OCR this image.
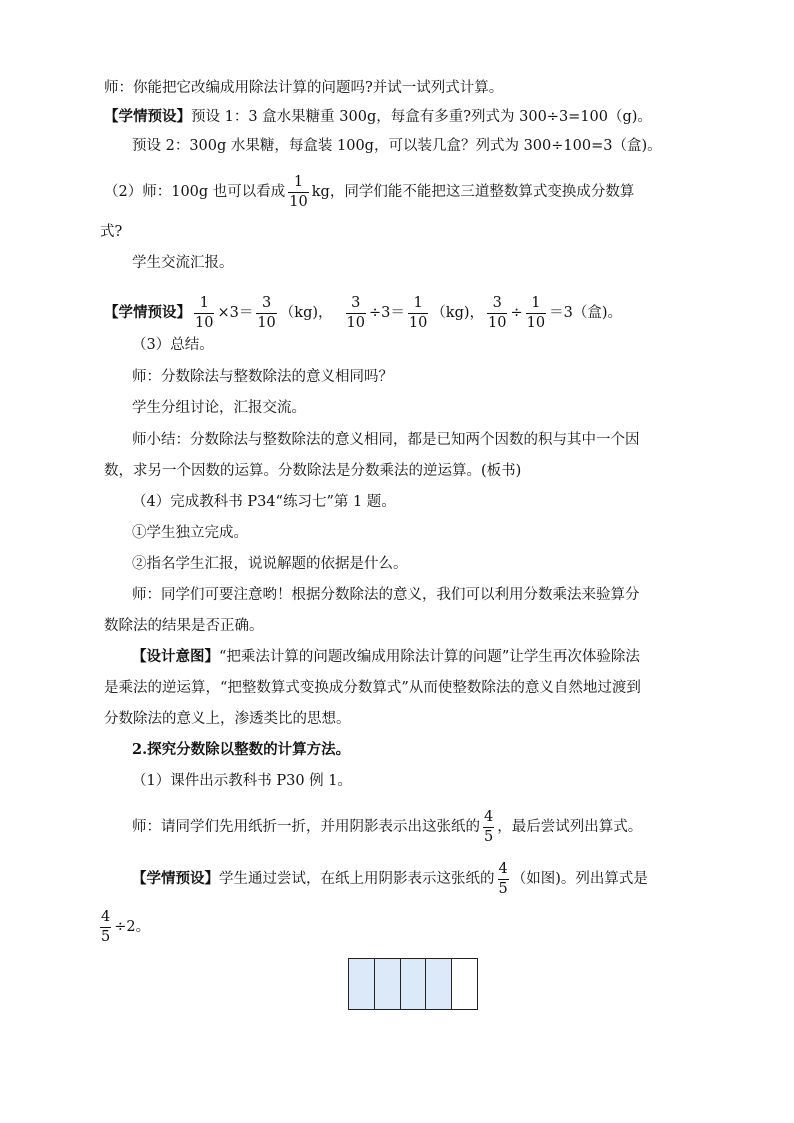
师：你能把它改编成用除法计算的问题吗?并试一试列式计算。
【学情预设】预设 1：3 盒水果糖重 300g，每盒有多重?列式为 300÷3=100（g)。
预设 2：300g 水果糖，每盒装 100g，可以装几盒？列式为 300÷100=3（盒)。
（2）师：100g 也可以看成 $\frac{1}{10}$ kg，同学们能不能把这三道整数算式变换成分数算
式?
学生交流汇报。
【学情预设】 $\frac{1}{10} \times 3= \frac{3}{10} (kg)$， $\frac{3}{10} \div 3= \frac{1}{10} (kg)$， $\frac{3}{10} \div \frac{1}{10} =3$（盒)。
（3）总结。
师：分数除法与整数除法的意义相同吗？
学生分组讨论，汇报交流。
师小结：分数除法与整数除法的意义相同，都是已知两个因数的积与其中一个因
数，求另一个因数的运算。分数除法是分数乘法的逆运算。(板书)
（4）完成教科书 P34“练习七”第 1 题。
①学生独立完成。
②指名学生汇报，说说解题的依据是什么。
师：同学们可要注意哟！根据分数除法的意义，我们可以利用分数乘法来验算分
数除法的结果是否正确。
【设计意图】“把乘法计算的问题改编成用除法计算的问题”让学生再次体验除法
是乘法的逆运算，“把整数算式变换成分数算式”从而使整数除法的意义自然地过渡到
分数除法的意义上，渗透类比的思想。
2.探究分数除以整数的计算方法。
（1）课件出示教科书 P30 例 1。
师：请同学们先用纸折一折，并用阴影表示出这张纸的 $\frac{4}{5}$ ，最后尝试列出算式。
【学情预设】学生通过尝试，在纸上用阴影表示这张纸的 $\frac{4}{5}$ （如图)。列出算式是
$\frac{4}{5} \div 2$。
